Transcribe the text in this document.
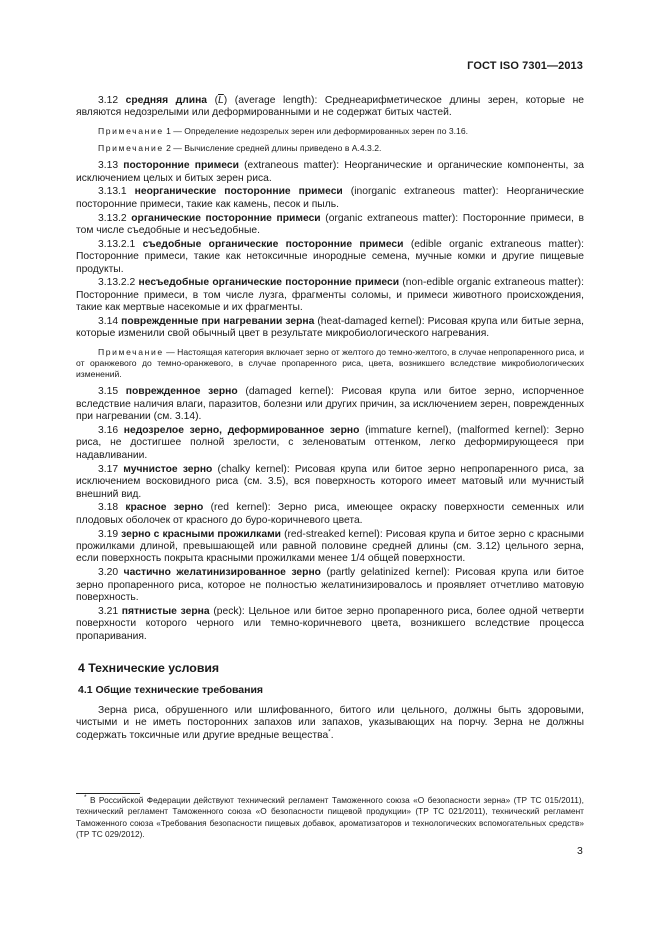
ГОСТ ISO 7301—2013

3.12 средняя длина $(\overline{L})$ (average length): Среднеарифметическое длины зерен, которые не являются недозрелыми или деформированными и не содержат битых частей.

Примечание 1 — Определение недозрелых зерен или деформированных зерен по 3.16.

Примечание 2 — Вычисление средней длины приведено в А.4.3.2.

3.13 посторонние примеси (extraneous matter): Неорганические и органические компоненты, за исключением целых и битых зерен риса.

3.13.1 неорганические посторонние примеси (inorganic extraneous matter): Неорганические посторонние примеси, такие как камень, песок и пыль.

3.13.2 органические посторонние примеси (organic extraneous matter): Посторонние примеси, в том числе съедобные и несъедобные.

3.13.2.1 съедобные органические посторонние примеси (edible organic extraneous matter): Посторонние примеси, такие как нетоксичные инородные семена, мучные комки и другие пищевые продукты.

3.13.2.2 несъедобные органические посторонние примеси (non-edible organic extraneous matter): Посторонние примеси, в том числе лузга, фрагменты соломы, и примеси животного происхождения, такие как мертвые насекомые и их фрагменты.

3.14 поврежденные при нагревании зерна (heat-damaged kernel): Рисовая крупа или битые зерна, которые изменили свой обычный цвет в результате микробиологического нагревания.

Примечание — Настоящая категория включает зерно от желтого до темно-желтого, в случае непропаренного риса, и от оранжевого до темно-оранжевого, в случае пропаренного риса, цвета, возникшего вследствие микробиологических изменений.

3.15 поврежденное зерно (damaged kernel): Рисовая крупа или битое зерно, испорченное вследствие наличия влаги, паразитов, болезни или других причин, за исключением зерен, поврежденных при нагревании (см. 3.14).

3.16 недозрелое зерно, деформированное зерно (immature kernel), (malformed kernel): Зерно риса, не достигшее полной зрелости, с зеленоватым оттенком, легко деформирующееся при надавливании.

3.17 мучнистое зерно (chalky kernel): Рисовая крупа или битое зерно непропаренного риса, за исключением восковидного риса (см. 3.5), вся поверхность которого имеет матовый или мучнистый внешний вид.

3.18 красное зерно (red kernel): Зерно риса, имеющее окраску поверхности семенных или плодовых оболочек от красного до буро-коричневого цвета.

3.19 зерно с красными прожилками (red-streaked kernel): Рисовая крупа и битое зерно с красными прожилками длиной, превышающей или равной половине средней длины (см. 3.12) цельного зерна, если поверхность покрыта красными прожилками менее 1/4 общей поверхности.

3.20 частично желатинизированное зерно (partly gelatinized kernel): Рисовая крупа или битое зерно пропаренного риса, которое не полностью желатинизировалось и проявляет отчетливо матовую поверхность.

3.21 пятнистые зерна (peck): Цельное или битое зерно пропаренного риса, более одной четверти поверхности которого черного или темно-коричневого цвета, возникшего вследствие процесса пропаривания.

4 Технические условия
4.1 Общие технические требования

Зерна риса, обрушенного или шлифованного, битого или цельного, должны быть здоровыми, чистыми и не иметь посторонних запахов или запахов, указывающих на порчу. Зерна не должны содержать токсичные или другие вредные вещества*.

* В Российской Федерации действуют технический регламент Таможенного союза «О безопасности зерна» (ТР ТС 015/2011), технический регламент Таможенного союза «О безопасности пищевой продукции» (ТР ТС 021/2011), технический регламент Таможенного союза «Требования безопасности пищевых добавок, ароматизаторов и технологических вспомогательных средств» (ТР ТС 029/2012).
3
